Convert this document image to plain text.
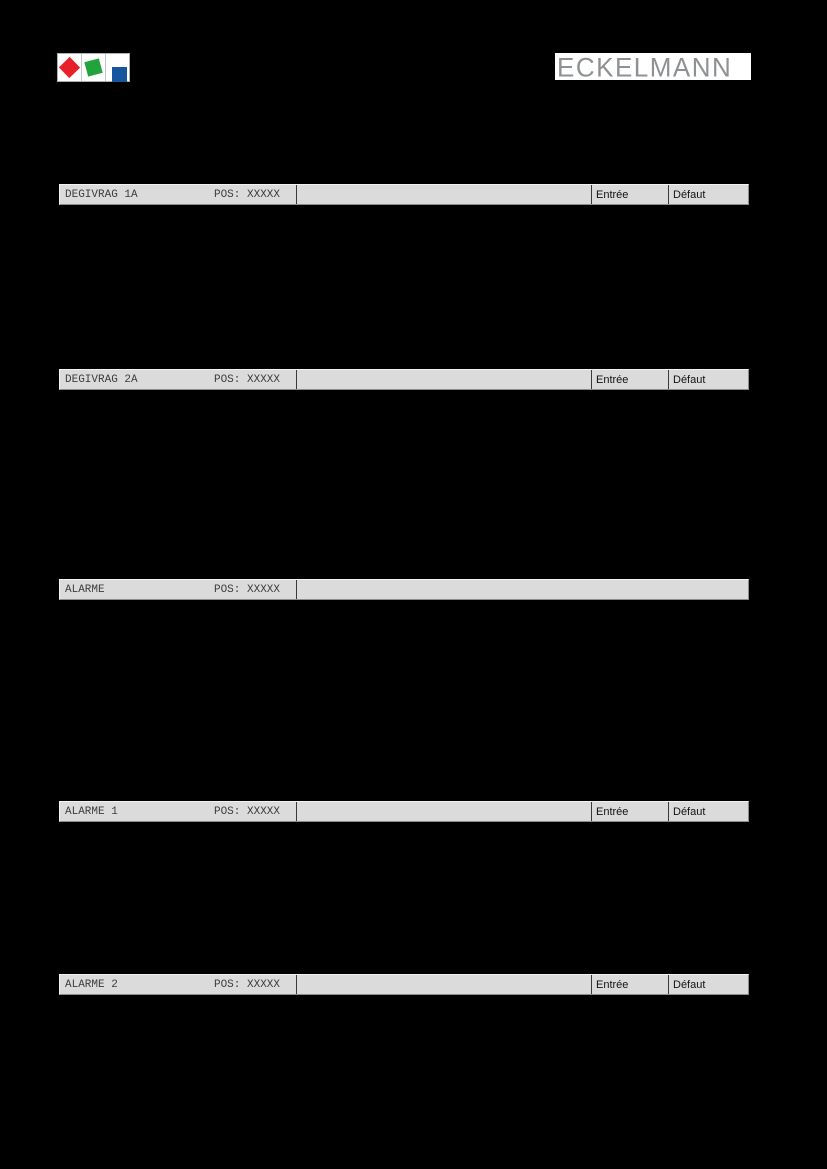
ECKELMANN
DEGIVRAG 1A	POS: XXXXX	Entrée	Défaut
DEGIVRAG 2A	POS: XXXXX	Entrée	Défaut
ALARME	POS: XXXXX
ALARME 1	POS: XXXXX	Entrée	Défaut
ALARME 2	POS: XXXXX	Entrée	Défaut
